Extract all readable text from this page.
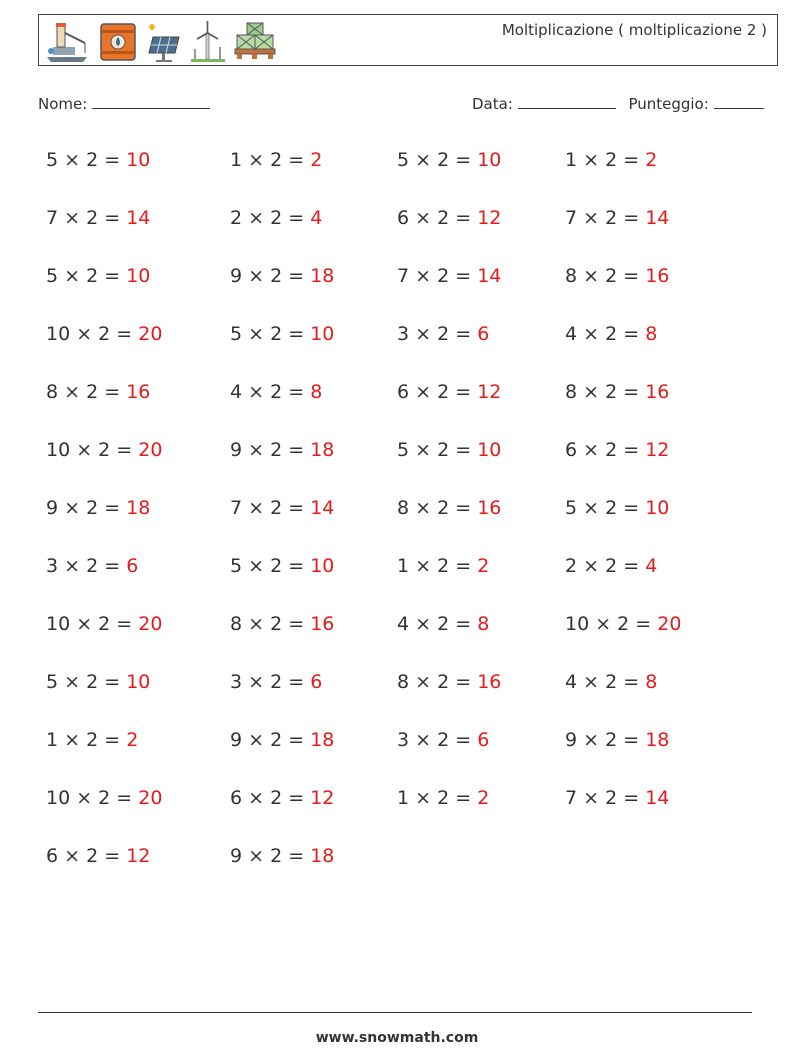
Moltiplicazione ( moltiplicazione 2 )
Nome:	Data:	Punteggio:
5 × 2 = 10	1 × 2 = 2	5 × 2 = 10	1 × 2 = 2
7 × 2 = 14	2 × 2 = 4	6 × 2 = 12	7 × 2 = 14
5 × 2 = 10	9 × 2 = 18	7 × 2 = 14	8 × 2 = 16
10 × 2 = 20	5 × 2 = 10	3 × 2 = 6	4 × 2 = 8
8 × 2 = 16	4 × 2 = 8	6 × 2 = 12	8 × 2 = 16
10 × 2 = 20	9 × 2 = 18	5 × 2 = 10	6 × 2 = 12
9 × 2 = 18	7 × 2 = 14	8 × 2 = 16	5 × 2 = 10
3 × 2 = 6	5 × 2 = 10	1 × 2 = 2	2 × 2 = 4
10 × 2 = 20	8 × 2 = 16	4 × 2 = 8	10 × 2 = 20
5 × 2 = 10	3 × 2 = 6	8 × 2 = 16	4 × 2 = 8
1 × 2 = 2	9 × 2 = 18	3 × 2 = 6	9 × 2 = 18
10 × 2 = 20	6 × 2 = 12	1 × 2 = 2	7 × 2 = 14
6 × 2 = 12	9 × 2 = 18
www.snowmath.com
